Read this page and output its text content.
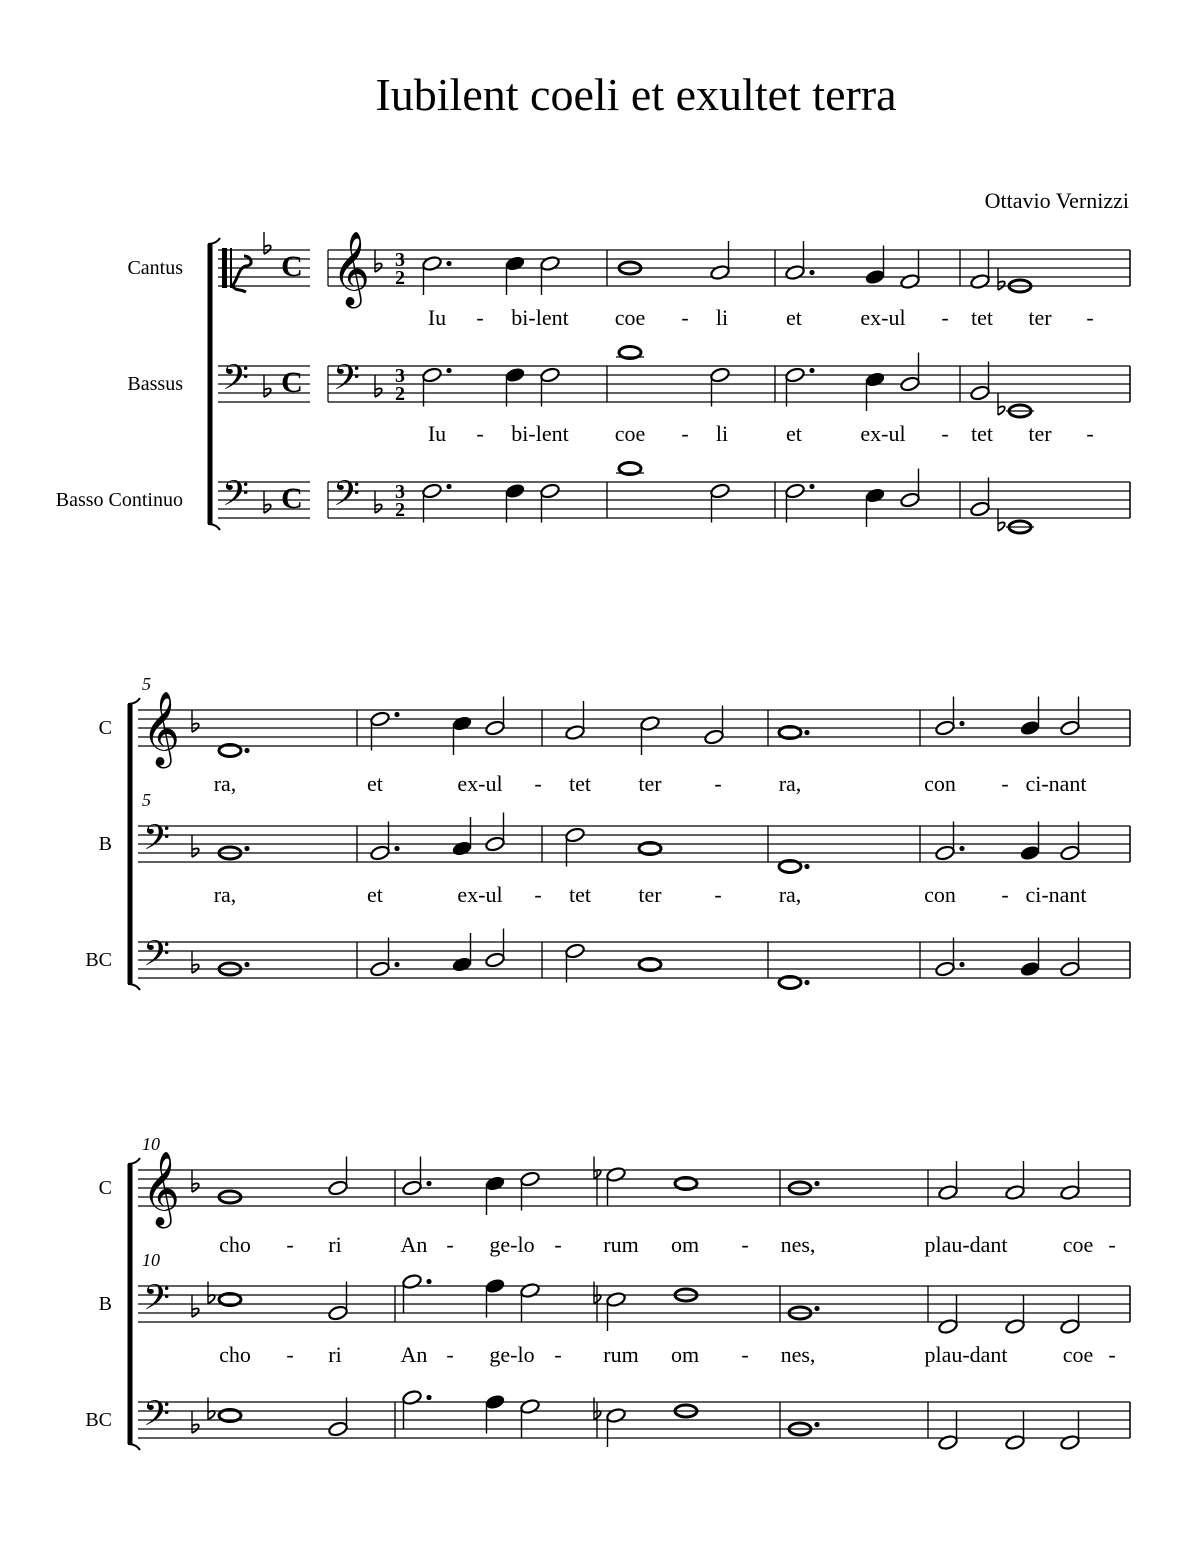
Iubilent coeli et exultet terra
Ottavio Vernizzi
Cantus	C 𝄞 3
2
Bassus 𝄢 C 𝄢 3
2
Basso Continuo 𝄢 C 𝄢 3
2
Iu - bi-lent coe - li	et	ex-ul - tet ter -
Iu - bi-lent coe - li	et	ex-ul - tet ter -
C 𝄞
B 𝄢
BC 𝄢
5
5
ra,	et	ex-ul - tet ter -	ra,	con - ci-nant
ra,	et	ex-ul - tet ter -	ra,	con - ci-nant
C 𝄞
B 𝄢
BC 𝄢
10
10
cho - ri	An - ge-lo - rum om - nes,	plau-dant	coe -
cho - ri	An - ge-lo - rum om - nes,	plau-dant	coe -
